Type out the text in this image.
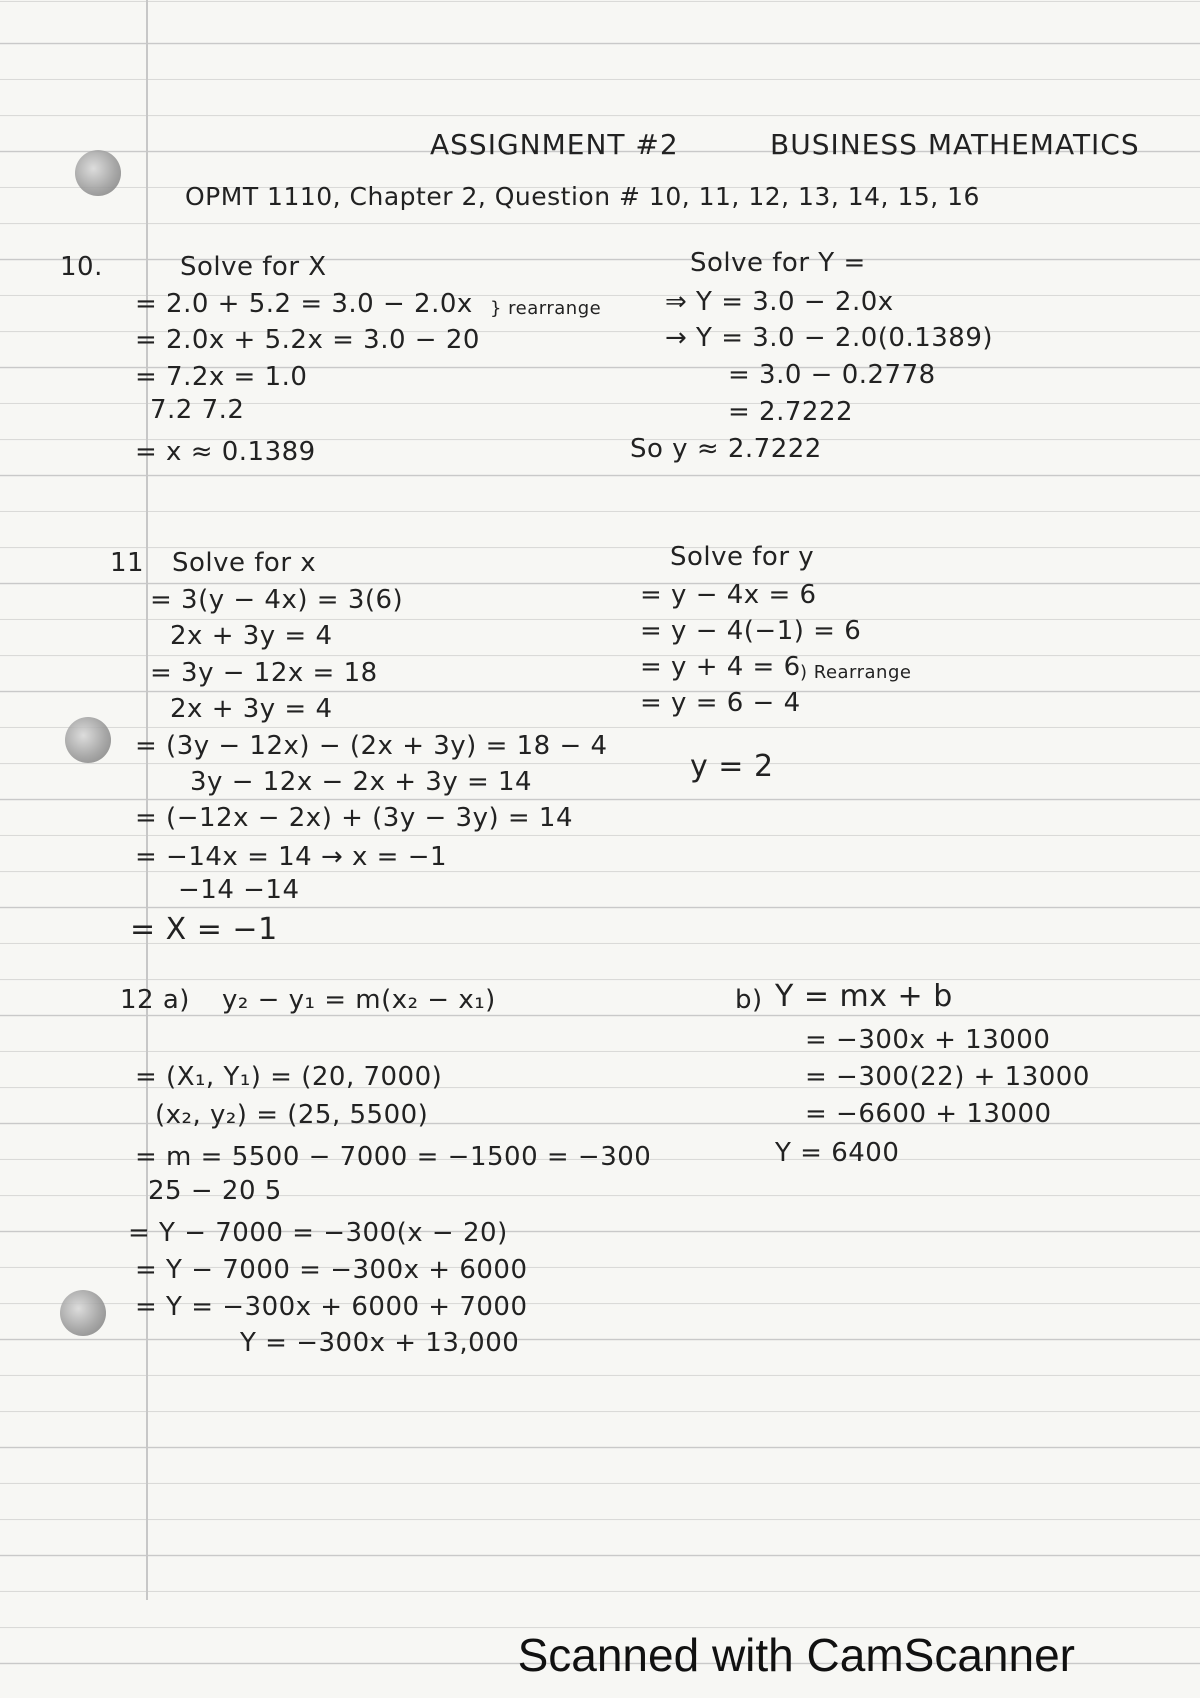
ASSIGNMENT #2	BUSINESS MATHEMATICS
OPMT 1110, Chapter 2, Question # 10, 11, 12, 13, 14, 15, 16
10.	Solve for X
= 2.0 + 5.2 = 3.0 − 2.0x } rearrange
= 2.0x + 5.2x = 3.0 − 20
= 7.2x = 1.0
7.2 7.2
= x ≈ 0.1389
Solve for Y =
⇒ Y = 3.0 − 2.0x
→ Y = 3.0 − 2.0(0.1389)
= 3.0 − 0.2778
= 2.7222
So y ≈ 2.7222
11 Solve for x
= 3(y − 4x) = 3(6)
2x + 3y = 4
= 3y − 12x = 18
2x + 3y = 4
= (3y − 12x) − (2x + 3y) = 18 − 4
3y − 12x − 2x + 3y = 14
= (−12x − 2x) + (3y − 3y) = 14
= −14x = 14 → x = −1
−14 −14
= X = −1
Solve for y
= y − 4x = 6
= y − 4(−1) = 6
= y + 4 = 6 ) Rearrange
= y = 6 − 4
y = 2
12 a) y₂ − y₁ = m(x₂ − x₁)
= (X₁, Y₁) = (20, 7000)
(x₂, y₂) = (25, 5500)
= m = 5500 − 7000 = −1500 = −300
25 − 20 5
= Y − 7000 = −300(x − 20)
= Y − 7000 = −300x + 6000
= Y = −300x + 6000 + 7000
Y = −300x + 13,000
b) Y = mx + b
= −300x + 13000
= −300(22) + 13000
= −6600 + 13000
Y = 6400
Scanned with CamScanner
